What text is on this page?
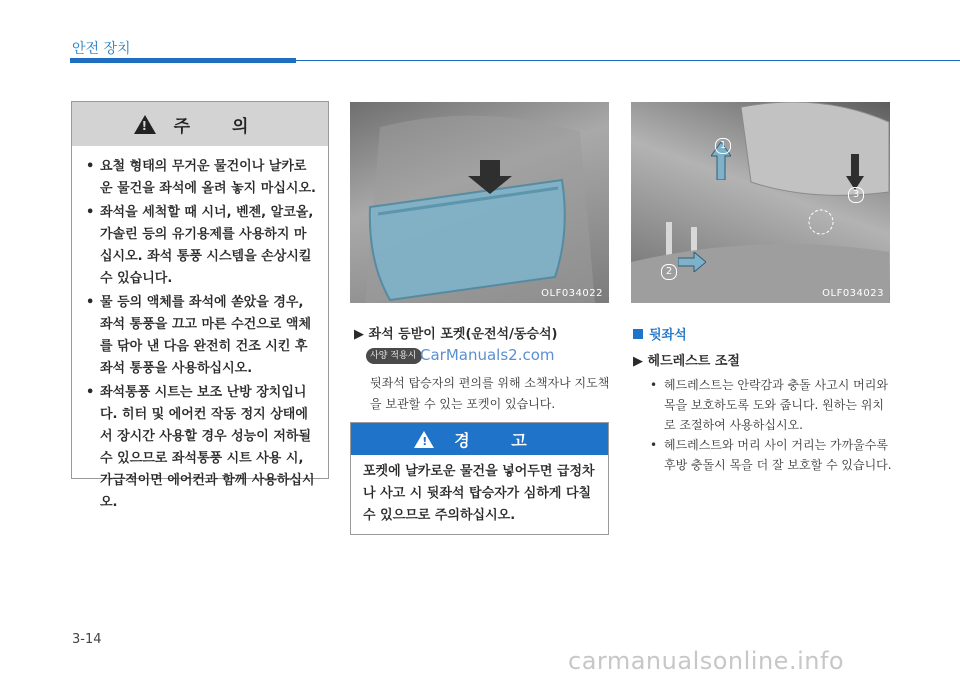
안전 장치
!
주 의
• 요철 형태의 무거운 물건이나 날카로운 물건을 좌석에 올려 놓지 마십시오.
• 좌석을 세척할 때 시너, 벤젠, 알코올, 가솔린 등의 유기용제를 사용하지 마십시오. 좌석 통풍 시스템을 손상시킬 수 있습니다.
• 물 등의 액체를 좌석에 쏟았을 경우, 좌석 통풍을 끄고 마른 수건으로 액체를 닦아 낸 다음 완전히 건조 시킨 후 좌석 통풍을 사용하십시오.
• 좌석통풍 시트는 보조 난방 장치입니다. 히터 및 에어컨 작동 정지 상태에서 장시간 사용할 경우 성능이 저하될 수 있으므로 좌석통풍 시트 사용 시, 가급적이면 에어컨과 함께 사용하십시오.
OLF034022
1
2
3
OLF034023
▶ 좌석 등받이 포켓(운전석/동승석)
사양 적용시 CarManuals2.com
뒷좌석 탑승자의 편의를 위해 소책자나 지도책을 보관할 수 있는 포켓이 있습니다.
!
경 고
포켓에 날카로운 물건을 넣어두면 급정차나 사고 시 뒷좌석 탑승자가 심하게 다칠 수 있으므로 주의하십시오.
뒷좌석
▶ 헤드레스트 조절
• 헤드레스트는 안락감과 충돌 사고시 머리와 목을 보호하도록 도와 줍니다. 원하는 위치로 조절하여 사용하십시오.
• 헤드레스트와 머리 사이 거리는 가까울수록 후방 충돌시 목을 더 잘 보호할 수 있습니다.
3-14
carmanualsonline.info
